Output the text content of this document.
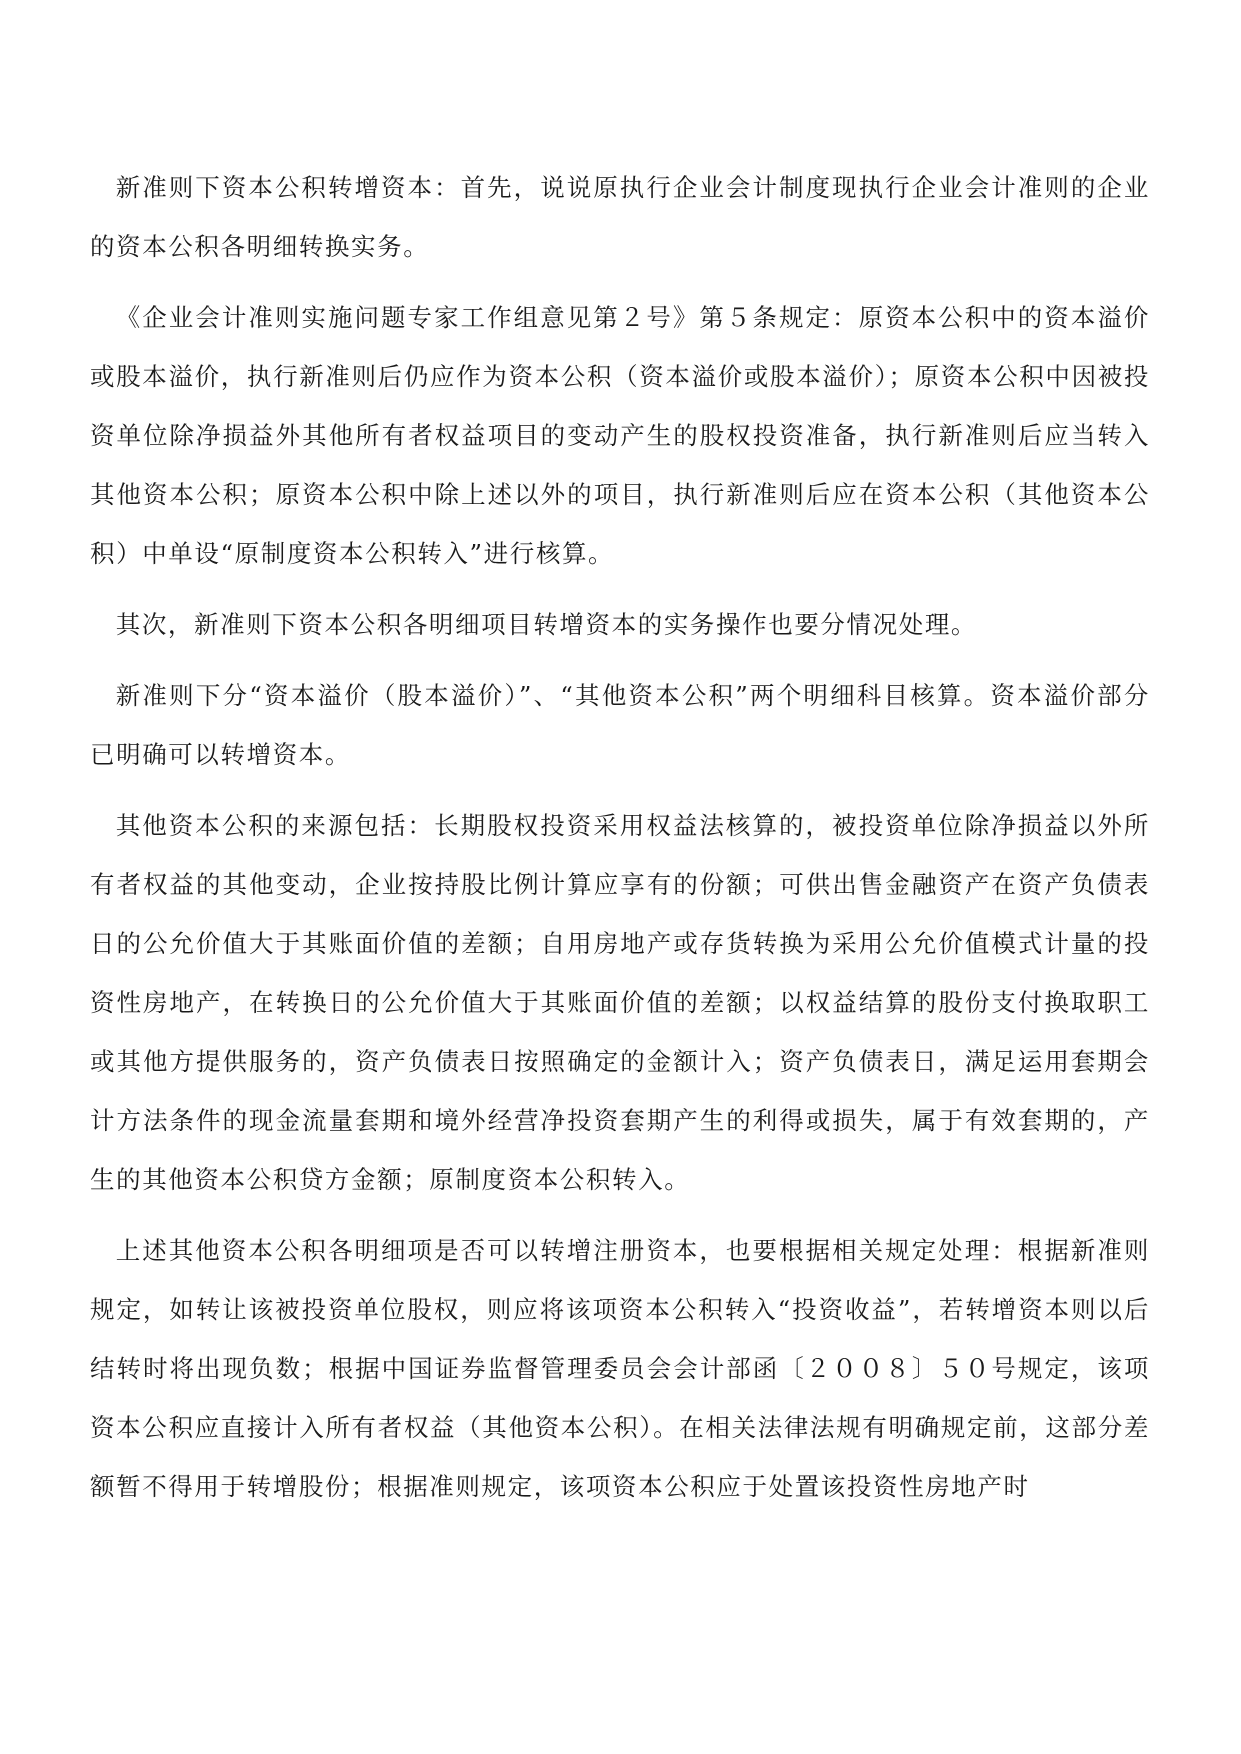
新准则下资本公积转增资本：首先，说说原执行企业会计制度现执行企业会计准则的企业的资本公积各明细转换实务。

《企业会计准则实施问题专家工作组意见第２号》第５条规定：原资本公积中的资本溢价或股本溢价，执行新准则后仍应作为资本公积（资本溢价或股本溢价）；原资本公积中因被投资单位除净损益外其他所有者权益项目的变动产生的股权投资准备，执行新准则后应当转入其他资本公积；原资本公积中除上述以外的项目，执行新准则后应在资本公积（其他资本公积）中单设“原制度资本公积转入”进行核算。

其次，新准则下资本公积各明细项目转增资本的实务操作也要分情况处理。

新准则下分“资本溢价（股本溢价）”、“其他资本公积”两个明细科目核算。资本溢价部分已明确可以转增资本。

其他资本公积的来源包括：长期股权投资采用权益法核算的，被投资单位除净损益以外所有者权益的其他变动，企业按持股比例计算应享有的份额；可供出售金融资产在资产负债表日的公允价值大于其账面价值的差额；自用房地产或存货转换为采用公允价值模式计量的投资性房地产，在转换日的公允价值大于其账面价值的差额；以权益结算的股份支付换取职工或其他方提供服务的，资产负债表日按照确定的金额计入；资产负债表日，满足运用套期会计方法条件的现金流量套期和境外经营净投资套期产生的利得或损失，属于有效套期的，产生的其他资本公积贷方金额；原制度资本公积转入。

上述其他资本公积各明细项是否可以转增注册资本，也要根据相关规定处理：根据新准则规定，如转让该被投资单位股权，则应将该项资本公积转入“投资收益”，若转增资本则以后结转时将出现负数；根据中国证券监督管理委员会会计部函〔２００８〕５０号规定，该项资本公积应直接计入所有者权益（其他资本公积）。在相关法律法规有明确规定前，这部分差额暂不得用于转增股份；根据准则规定，该项资本公积应于处置该投资性房地产时
